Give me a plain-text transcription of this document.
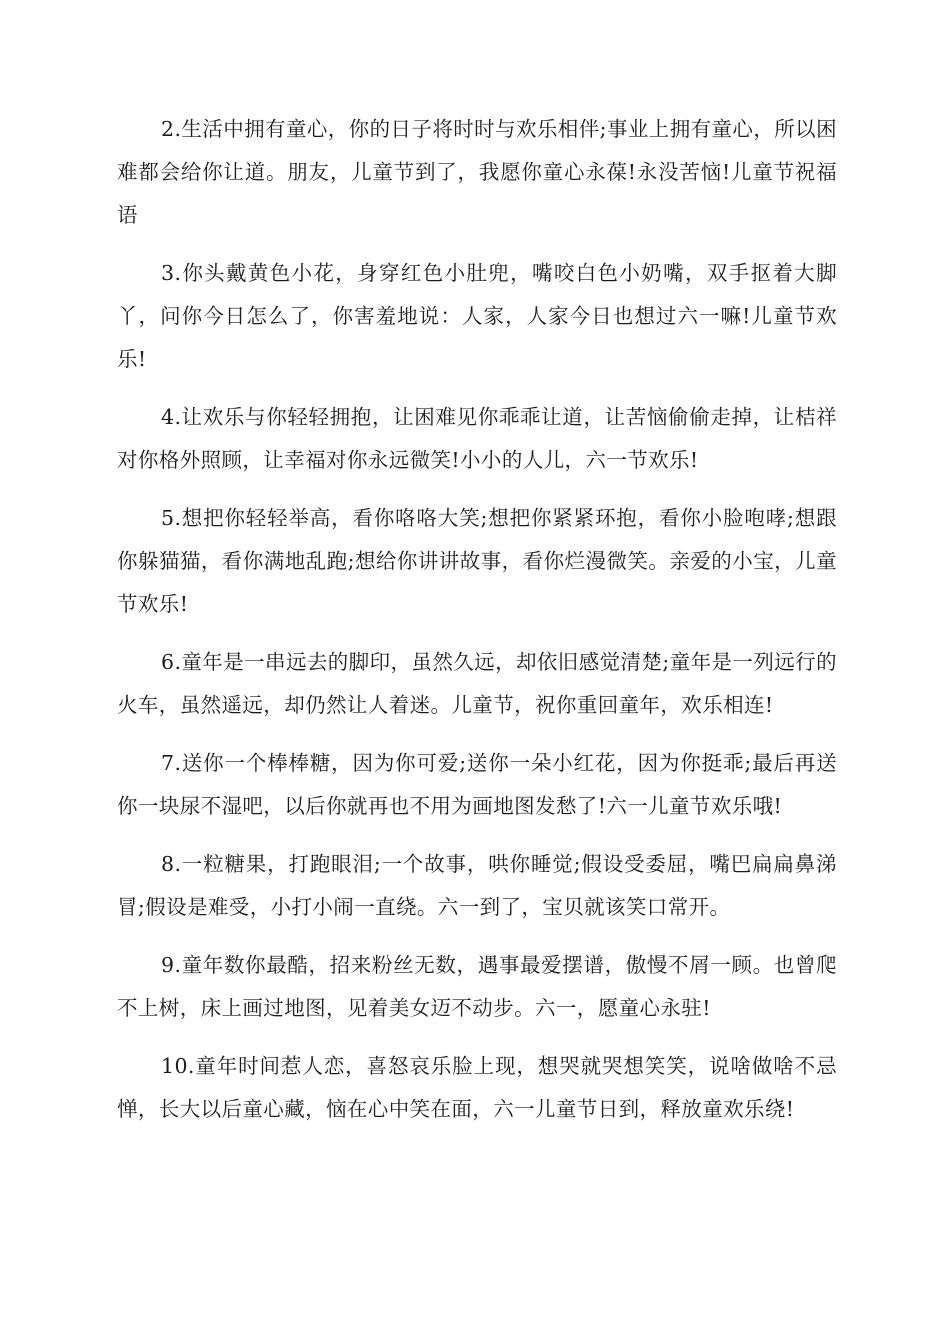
2.生活中拥有童心，你的日子将时时与欢乐相伴;事业上拥有童心，所以困难都会给你让道。朋友，儿童节到了，我愿你童心永葆!永没苦恼!儿童节祝福语

3.你头戴黄色小花，身穿红色小肚兜，嘴咬白色小奶嘴，双手抠着大脚丫，问你今日怎么了，你害羞地说：人家，人家今日也想过六一嘛!儿童节欢乐!

4.让欢乐与你轻轻拥抱，让困难见你乖乖让道，让苦恼偷偷走掉，让桔祥对你格外照顾，让幸福对你永远微笑!小小的人儿，六一节欢乐!

5.想把你轻轻举高，看你咯咯大笑;想把你紧紧环抱，看你小脸咆哮;想跟你躲猫猫，看你满地乱跑;想给你讲讲故事，看你烂漫微笑。亲爱的小宝，儿童节欢乐!

6.童年是一串远去的脚印，虽然久远，却依旧感觉清楚;童年是一列远行的火车，虽然遥远，却仍然让人着迷。儿童节，祝你重回童年，欢乐相连!

7.送你一个棒棒糖，因为你可爱;送你一朵小红花，因为你挺乖;最后再送你一块尿不湿吧，以后你就再也不用为画地图发愁了!六一儿童节欢乐哦!

8.一粒糖果，打跑眼泪;一个故事，哄你睡觉;假设受委屈，嘴巴扁扁鼻涕冒;假设是难受，小打小闹一直绕。六一到了，宝贝就该笑口常开。

9.童年数你最酷，招来粉丝无数，遇事最爱摆谱，傲慢不屑一顾。也曾爬不上树，床上画过地图，见着美女迈不动步。六一，愿童心永驻!

10.童年时间惹人恋，喜怒哀乐脸上现，想哭就哭想笑笑，说啥做啥不忌惮，长大以后童心藏，恼在心中笑在面，六一儿童节日到，释放童欢乐绕!
